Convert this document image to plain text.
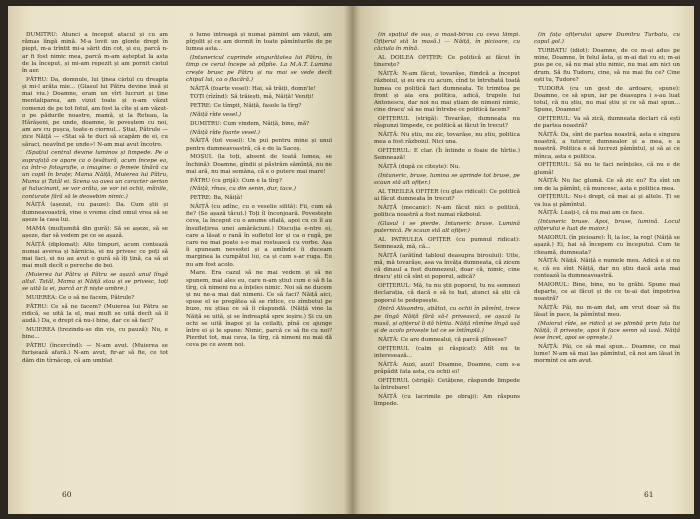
DUMITRU: Atunci a început atacul și cu am rămas lîngă mină. M-a lovit un glonte drept în piept, m-a trîntit mi-a sărit din cot, și eu, parcă n-ar fi fost nimic mea, parcă m-am așteptat la asta de la început, și mi-am repezit și am pornit ciotul în aer.

PĂTRU: Da, domnule, lui ținea ciotul cu dreapta și mi-l arăta mie... (Glasul lui Pătru devine însă și mai viu.) Doamne, eram un vîrt lucruri și ține mentaliparea, am vizut toate și n-am văzut comenzi de pe tot fotul, am fost la cîte și am văzut-o pe pădurile noastre, mamă, și la Reteau, la Hărășeni, pe unde, doamne, le poveștem cu noi, am ars cu pușca, toate-n ciornul... Știai, Pătrule — zice Năiță — «Stai să te duci să scapăm de ei, cu săraci, neavînd pe unde»! N-am mai avut încotro.

(Spațiul central devine luminos și limpede. Pe o suprafață ce apare ca o țesătură, acum începe ea, ca într-o fotografie, o imagine: o femeie tînără cu un copil în brațe; Mama Năiță, Muierea lui Pătru, Mama și Tatăl ei. Scena va avea un caracter aerian și halucinant, se vor arăta, se vor ivi ochii, mîinile, conturate fără să le deosebim nimic.)

NĂIȚĂ (așezat, cu pauze): Da. Cum știi și dumneavoastră, vine o vreme cînd omul vrea să se așeze la casa lui.

MAMA (mulțumită din gură): Să se așeze, să se așeze, dar să vedem pe ce se așază.

NĂIȚĂ (diplomat): Alte timpuri, acum contează numai averea și hărnicia, ei nu privesc ce poți să mai faci, ei nu au avut o gură să îți țină, ca să ai mai mult decît o pereche de boi.

(Muierea lui Pătru și Pătru se așază unul lîngă altul. Tatăl, Mama și Năiță stau și se privesc, toți se uită la ei, parcă ar fi niște umbre.)

MUIEREA: Ce o să ne facem, Pătrule?

PĂTRU: Ce să ne facem? (Muierea lui Pătru se ridică, se uită la el, mai mult se uită decît să îl audă.) Da, e drept că nu-i bine, dar ce să faci?

MUIEREA (trezindu-se din vis, cu pauză): Nu, e bine...

PĂTRU (încercînd): — N-am avut. (Muierea se furișează afară.) N-am avut, fir-ar să fie, ce tot dăm din tîrnăcop, că am umblat

o lume întreagă și numai pămînt am văzut, am pîrjolit și ce am dormit în toate pămînturile de pe lumea asta...

(Intunericul cuprinde singurătatea lui Pătru, în timp ce cerul începe să pîlpîie. La M.A.T. Lumina crește brusc pe Pătru și nu mai se vede decît chipul lui, ca o flacără.)

NĂIȚĂ (foarte vesel): Hai, să trăiți, domn'le!

TOȚI (rîzînd): Să trăiești, mă, Năiță! Veniți!

PETRE: Ce tîmpit, Năiță, fasole la tîrg?

(Năiță rîde vesel.)

DUMITRU: Cum vindem, Năiță, bine, mă?

(Năiță rîde foarte vesel.)

NĂIȚĂ (tot vesel): Un pui pentru mine și unul pentru dumneavoastră, că e de la Sacoș.

MOȘUL (la toți, absent de toată lumea, se închină): Doamne, gîndii și păstrăm sămînță, nu ne mai ară, nu mai semăna, că e o putere mai mare!

PĂTRU (cu grijă): Cum e la tîrg?

(Năiță, rînas, cu din senin, dur, tace.)

PETRE: Ba, Năiță!

NĂIȚĂ (cu adînc, cu o veselie silită): Fii, cum să fie? (Se așază tăcut.) Toți îl înconjoară. Povestește ceva, la început cu o anume sfială, apoi cu ce îl au însuflețirea unei amărăciuni.) Discuția e-ntre ei, care a lăsat o rană în sufletul lor și ca o rugă, pe care nu mai poate s-o mai rostească cu vorbe. Așa îi spuneam nevestei și a amîndoi îi duceam marginea la cumpătul lui, ca și cum s-ar ruga. Eu nu am fost acolo.

Mare. Era cazul să ne mai vedem și să ne spunem, mai ales eu, care n-am știut cum e să fi la tîrg, că nimeni nu a înțeles nimic. Noi să ne ducem și nu ne-a mai dat nimeni. Ce să faci? Năiță aici, spuse el se pregătea să se ridice, cu zîmbetul pe buze, nu știau ce să îi răspundă. (Năiță vine la Năiță se uită, și se îndreaptă spre ieșire.) Și cu un ochi se uită înapoi și la ceilalți, pînă ce ajunge între ei și le spune: Nimic, parcă ce să fie cu noi? Pierdut tot, mai ceva, la tîrg, că nimeni nu mai dă ceva pe ce avem noi.

60

(în spațiul de sus, o masă-birou cu ceva lămpi. Ofițerul stă la masă.) — Năiță, în picioare, cu căciula în mînă.

AL DOILEA OFIȚER: Ce politică ai făcut în tinerețe?

NĂIȚĂ: N-am făcut, tovarășe, fiindcă a început războiul, și eu era cu acum, cînd te întrebată toată lumea ce politică faci dumneata. Te trimitea pe front și aia era politica, adică, trupele lui Antonescu, dar noi nu mai știam de nimeni nimic, cine dracu' să ne mai întrebe ce politică facem?

OFIȚERUL (strigă): Tovarășe, dumneata nu răspunzi limpede, ce politică ai făcut în trecut?

NĂIȚĂ: Nu știu, nu zic, tovarășe, nu știu, politica mea a fost războiul. Nici una.

OFIȚERUL: E clar. (Îi întinde o foaie de hîrtie.) Semnează!

NĂIȚĂ (după ce citește): Nu.

(Intuneric, bruse, lumina se aprinde tot bruse, pe scaun stă alt ofițer.)

AL TREILEA OFIȚER (cu glas ridicat): Ce politică ai făcut dumneata în trecut?

NĂIȚĂ (mecanic): N-am făcut nici o politică, politica noastră a fost numai războiul.

(Glasul i se pierde. Intuneric bruse. Lumină puternică. Pe scaun stă alt ofițer.)

AL PATRULEA OFIȚER (cu pumnul ridicat): Semnează, mă, că...

NĂIȚĂ (arătînd tabloul deasupra biroului): Uite, mă, mă tovarășe, asa va învăța dumneata, că zicem că dinaul a fost dumnezeul, doar că, nimic, cine dracu' știi că sînt ei poporul, adică?

OFIȚERUL: Mă, tu nu știi poporul, tu nu semnezi declarația, că dacă e să te bat, atunci să știi că poporul te pedepsește.

(Intră Alisandru, abătut, cu ochii în pămînt, trece pe lîngă Năiță fără să-l privească, se așază la masă, și ofițerul îi dă hîrtia. Năiță rămîne lîngă ușă și de acolo privește tot ce se întîmplă.)

NĂIȚĂ: Ce are dumnealui, că parcă plînsese?

OFIȚERUL (calm și răspicat): Atît nu te interesează...

NĂIȚĂ: Auzi, auzi! Doamne, Doamne, cum s-a prăpădit fata asta, cu ochii ei!

OFIȚERUL (strigă): Cetățene, răspunde limpede la întrebare!

NĂIȚĂ (cu lacrimile pe obraji): Am răspuns limpede.

(în fața ofițerului apare Dumitru Turbatu, cu capul gol.)

TURBATU (idiot): Doamne, de ce m-ai adus pe mine, Doamne, în felul ăsta, și m-ai dat cu ei; m-ai pus pe ce, să nu mai știu nimic, nu mai am nici un drum. Să fiu Tudoru, cine, să nu mai fiu ce? Cine ești tu, Tudore?

TUDORA (cu un gest de ardoare, spune): Doamne, ce să spun, iar pe deasupra i s-au luat totul, că nu știu, nu mai știu și ce să mai spun... Spune, Doamne!

OFIȚERUL: Va să zică, dumneata declari că ești de partea noastră?

NĂIȚĂ: Da, sînt de partea noastră, asta e singura noastră, a tuturor, dumnealor și a mea, e a noastră. Politica e să lucrezi pămîntul, și să ai ce mînca, asta e politica.

OFIȚERUL: Să nu te faci neînțeles, că nu e de glumă!

NĂIȚĂ: Nu fac glumă. Ce să zic eu? Eu sînt un om de la pămînt, că muncesc, asta e politica mea.

OFIȚERUL: Nu-i drept, că mai ai și altele. Ți se va lua și pămîntul.

NĂIȚĂ: Luați-l, că nu mai am ce face.

(Intuneric bruse. Apoi, bruse, lumină. Locul ofițerului e luat de maior.)

MAIORUL (în picioare): Îl, la loc, la rog! (Năiță se așază.) Ei, hai să începem cu începutul. Cum te cheamă, dumneata?

NĂIȚĂ: Năiță. Năiță e numele meu. Adică e și nu e, că eu sînt Năiță, dar nu știu dacă asta mai contează la dumneavoastră.

MAIORUL: Bine, bine, nu te grăbi. Spune mai departe, ce ai făcut și de ce te-ai dat împotriva noastră?

NĂIȚĂ: Păi, nu m-am dat, am vrut doar să fiu lăsat în pace, la pămîntul meu.

(Maiorul rîde, se ridică și se plimbă prin fața lui Năiță, îl privește, apoi îi face semn să iasă. Năiță iese încet, apoi se oprește.)

NĂIȚĂ: Păi, ce să mai spun... Doamne, ce mai lume! N-am să mai las pămîntul, că noi am lăsat în mormînt ce am avut.

61
